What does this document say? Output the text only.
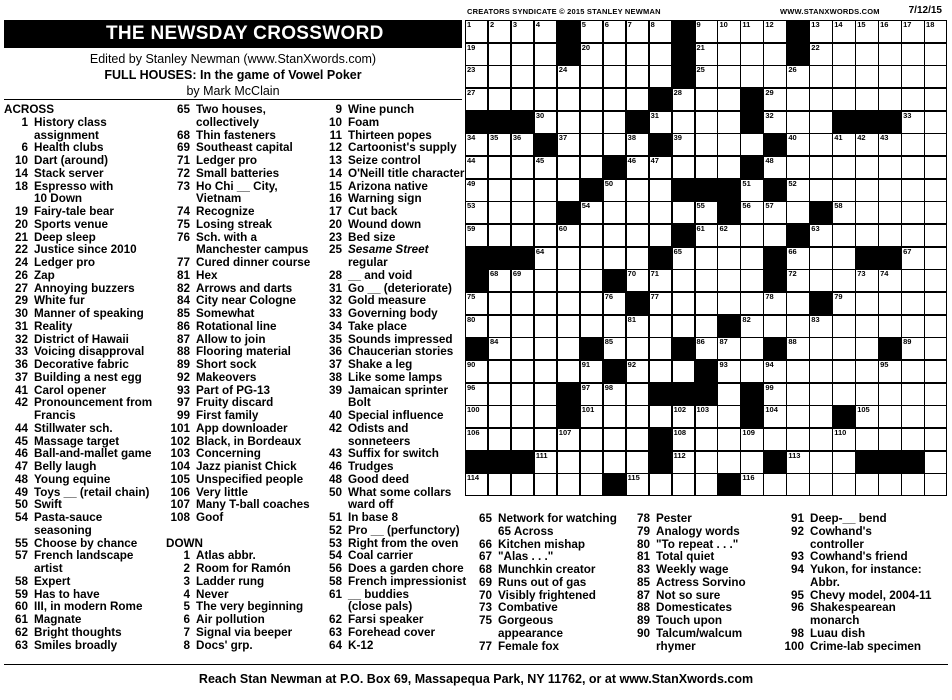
CREATORS SYNDICATE © 2015 STANLEY NEWMAN	WWW.STANXWORDS.COM	7/12/15
THE NEWSDAY CROSSWORD
Edited by Stanley Newman (www.StanXwords.com)
FULL HOUSES: In the game of Vowel Poker
by Mark McClain
ACROSS
1 History class

assignment
6 Health clubs
10 Dart (around)
14 Stack server
18 Espresso with

10 Down
19 Fairy-tale bear
20 Sports venue
21 Deep sleep
22 Justice since 2010
24 Ledger pro
26 Zap
27 Annoying buzzers
29 White fur
30 Manner of speaking
31 Reality
32 District of Hawaii
33 Voicing disapproval
36 Decorative fabric
37 Building a nest egg
41 Carol opener
42 Pronouncement from

Francis
44 Stillwater sch.
45 Massage target
46 Ball-and-mallet game
47 Belly laugh
48 Young equine
49 Toys __ (retail chain)
50 Swift
54 Pasta-sauce

seasoning
55 Choose by chance
57 French landscape

artist
58 Expert
59 Has to have
60 III, in modern Rome
61 Magnate
62 Bright thoughts
63 Smiles broadly
65 Two houses,

collectively
68 Thin fasteners
69 Southeast capital
71 Ledger pro
72 Small batteries
73 Ho Chi __ City,

Vietnam
74 Recognize
75 Losing streak
76 Sch. with a

Manchester campus
77 Cured dinner course
81 Hex
82 Arrows and darts
84 City near Cologne
85 Somewhat
86 Rotational line
87 Allow to join
88 Flooring material
89 Short sock
92 Makeovers
93 Part of PG-13
97 Fruity discard
99 First family
101 App downloader
102 Black, in Bordeaux
103 Concerning
104 Jazz pianist Chick
105 Unspecified people
106 Very little
107 Many T-ball coaches
108 Goof

DOWN
1 Atlas abbr.
2 Room for Ramón
3 Ladder rung
4 Never
5 The very beginning
6 Air pollution
7 Signal via beeper
8 Docs' grp.
9 Wine punch
10 Foam
11 Thirteen popes
12 Cartoonist's supply
13 Seize control
14 O'Neill title character
15 Arizona native
16 Warning sign
17 Cut back
20 Wound down
23 Bed size
25 Sesame Street

regular
28 __ and void
31 Go __ (deteriorate)
32 Gold measure
33 Governing body
34 Take place
35 Sounds impressed
36 Chaucerian stories
37 Shake a leg
38 Like some lamps
39 Jamaican sprinter

Bolt
40 Special influence
42 Odists and

sonneteers
43 Suffix for switch
46 Trudges
48 Good deed
50 What some collars

ward off
51 In base 8
52 Pro __ (perfunctory)
53 Right from the oven
54 Coal carrier
56 Does a garden chore
58 French impressionist
61 __ buddies

(close pals)
62 Farsi speaker
63 Forehead cover
64 K-12
65 Network for watching

65 Across
66 Kitchen mishap
67 "Alas . . ."
68 Munchkin creator
69 Runs out of gas
70 Visibly frightened
73 Combative
75 Gorgeous

appearance
77 Female fox
78 Pester
79 Analogy words
80 "To repeat . . ."
81 Total quiet
83 Weekly wage
85 Actress Sorvino
87 Not so sure
88 Domesticates
89 Touch upon
90 Talcum/walcum

rhymer
91 Deep-__ bend
92 Cowhand's

controller
93 Cowhand's friend
94 Yukon, for instance:

Abbr.
95 Chevy model, 2004-11
96 Shakespearean

monarch
98 Luau dish
100 Crime-lab specimen
1	2	3	4	5	6	7	8	9	10 11 12	13 14 15 16 17 18
19	20	21	22
23	24	25	26
27	28	29
30	31	32	33
34 35 36	37	38	39	40	41 42 43
44	45	46 47	48
49	50	51	52
53	54	55	56 57	58
59	60	61 62	63
64	65	66	67
68 69	70 71	72	73 74
75	76	77	78	79
80	81	82	83
84	85	86 87	88	89
90	91	92	93	94	95
96	97 98	99
100	101	102 103	104	105
106	107	108	109	110
111	112	113
114	115	116
Reach Stan Newman at P.O. Box 69, Massapequa Park, NY 11762, or at www.StanXwords.com
